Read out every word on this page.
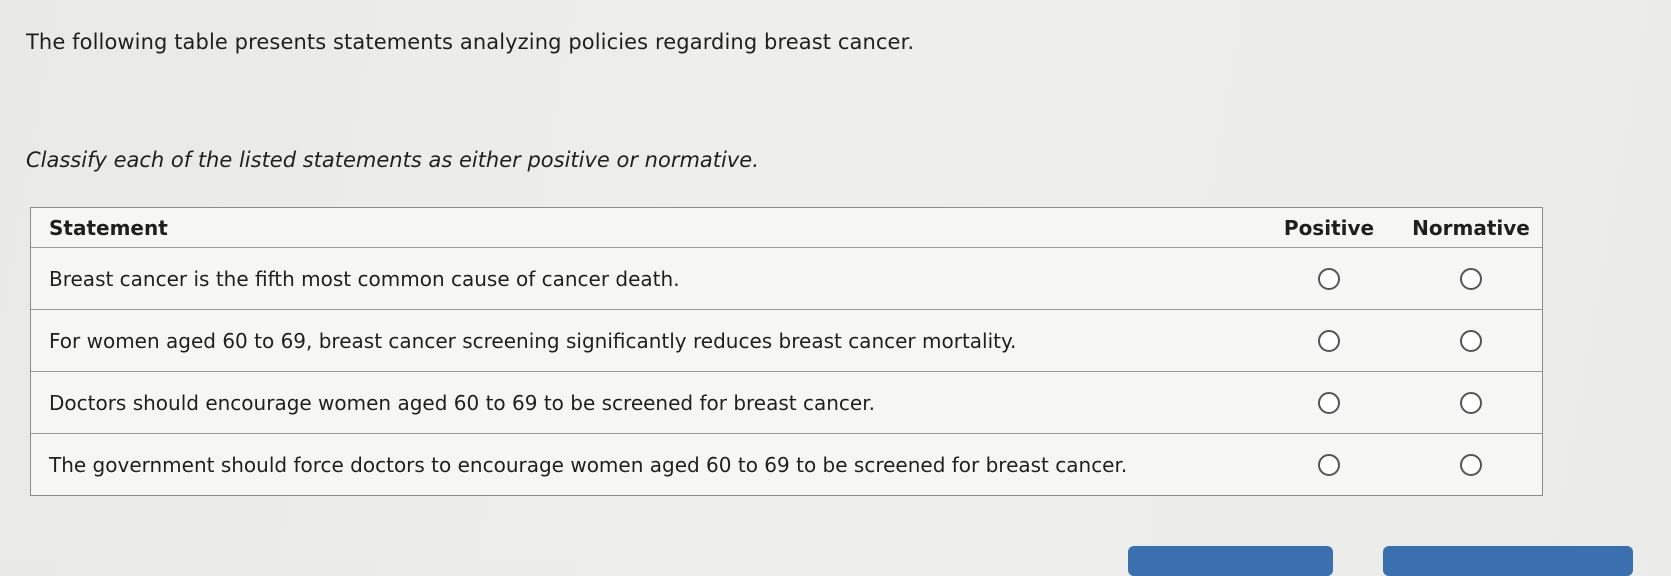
The following table presents statements analyzing policies regarding breast cancer.
Classify each of the listed statements as either positive or normative.
Statement	Positive	Normative
Breast cancer is the fifth most common cause of cancer death.
For women aged 60 to 69, breast cancer screening significantly reduces breast cancer mortality.
Doctors should encourage women aged 60 to 69 to be screened for breast cancer.
The government should force doctors to encourage women aged 60 to 69 to be screened for breast cancer.
